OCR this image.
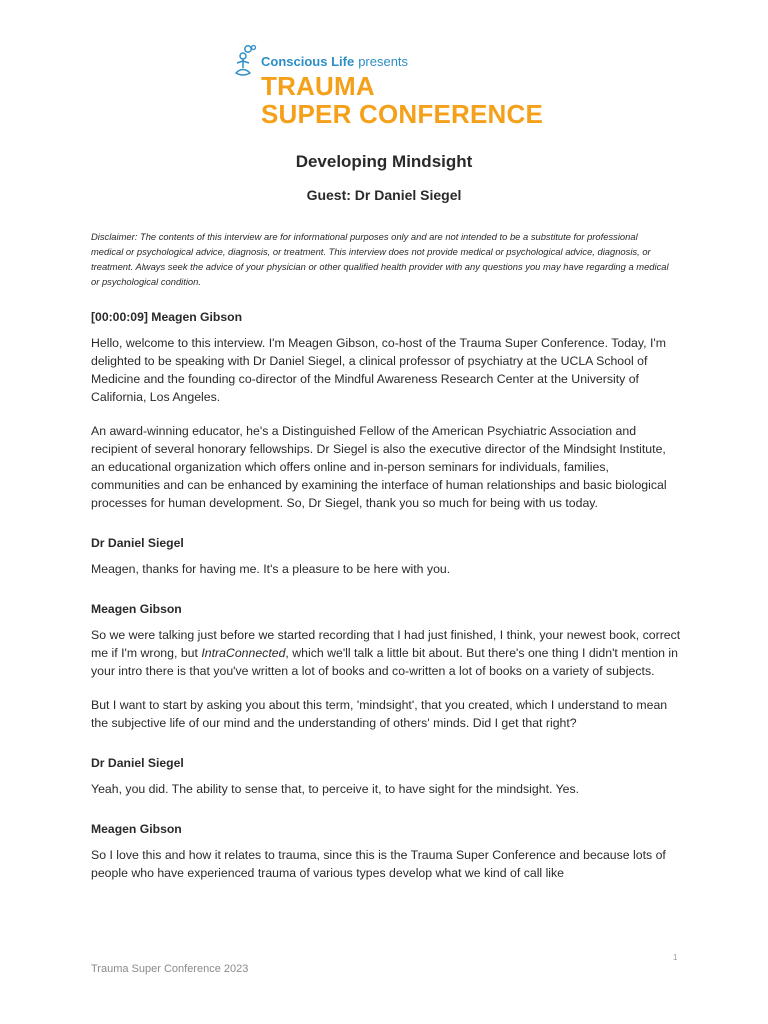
Conscious Life presents
TRAUMA
SUPER CONFERENCE
Developing Mindsight
Guest: Dr Daniel Siegel
Disclaimer: The contents of this interview are for informational purposes only and are not intended to be a substitute for professional medical or psychological advice, diagnosis, or treatment. This interview does not provide medical or psychological advice, diagnosis, or treatment. Always seek the advice of your physician or other qualified health provider with any questions you may have regarding a medical or psychological condition.
[00:00:09] Meagen Gibson

Hello, welcome to this interview. I'm Meagen Gibson, co-host of the Trauma Super Conference. Today, I'm delighted to be speaking with Dr Daniel Siegel, a clinical professor of psychiatry at the UCLA School of Medicine and the founding co-director of the Mindful Awareness Research Center at the University of California, Los Angeles.

An award-winning educator, he's a Distinguished Fellow of the American Psychiatric Association and recipient of several honorary fellowships. Dr Siegel is also the executive director of the Mindsight Institute, an educational organization which offers online and in-person seminars for individuals, families, communities and can be enhanced by examining the interface of human relationships and basic biological processes for human development. So, Dr Siegel, thank you so much for being with us today.

Dr Daniel Siegel

Meagen, thanks for having me. It's a pleasure to be here with you.

Meagen Gibson

So we were talking just before we started recording that I had just finished, I think, your newest book, correct me if I'm wrong, but IntraConnected, which we'll talk a little bit about. But there's one thing I didn't mention in your intro there is that you've written a lot of books and co-written a lot of books on a variety of subjects.

But I want to start by asking you about this term, 'mindsight', that you created, which I understand to mean the subjective life of our mind and the understanding of others' minds. Did I get that right?

Dr Daniel Siegel

Yeah, you did. The ability to sense that, to perceive it, to have sight for the mindsight. Yes.

Meagen Gibson

So I love this and how it relates to trauma, since this is the Trauma Super Conference and because lots of people who have experienced trauma of various types develop what we kind of call like

1
Trauma Super Conference 2023
